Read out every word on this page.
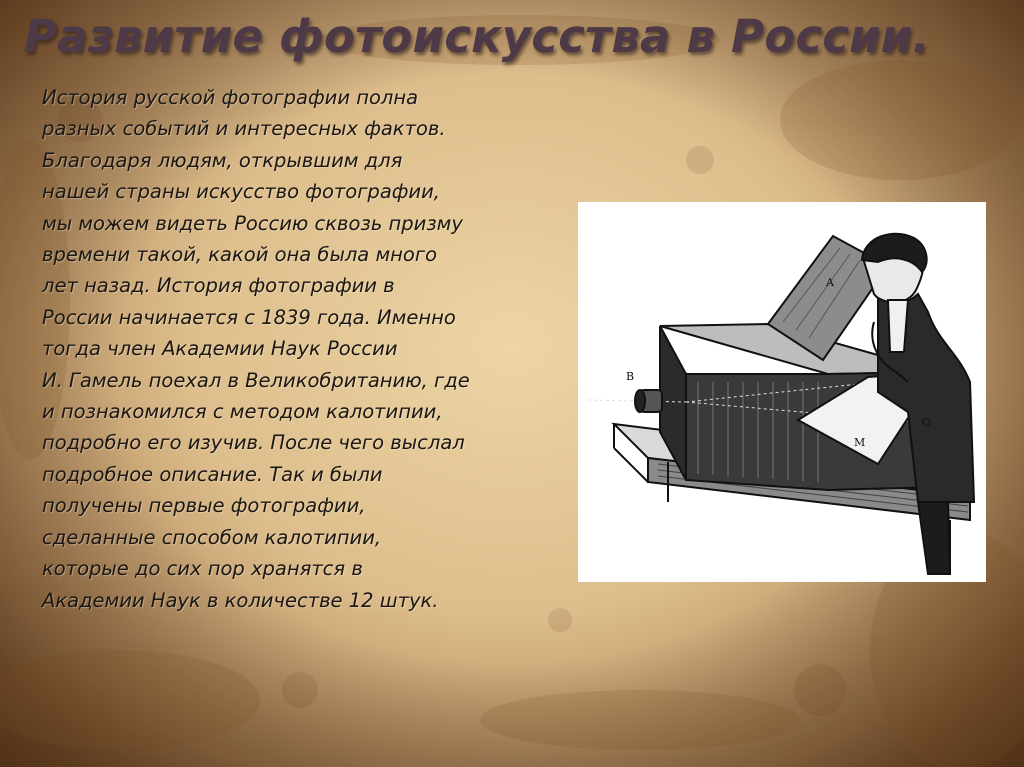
Развитие фотоискусства в России.

История русской фотографии полна
разных событий и интересных фактов.
Благодаря людям, открывшим для
нашей страны искусство фотографии,
мы можем видеть Россию сквозь призму
времени такой, какой она была много
лет назад. История фотографии в
России начинается с 1839 года. Именно
тогда член Академии Наук России
И. Гамель поехал в Великобританию, где
и познакомился с методом калотипии,
подробно его изучив. После чего выслал
подробное описание. Так и были
получены первые фотографии,
сделанные способом калотипии,
которые до сих пор хранятся в
Академии Наук в количестве 12 штук.

B
M
A
O
